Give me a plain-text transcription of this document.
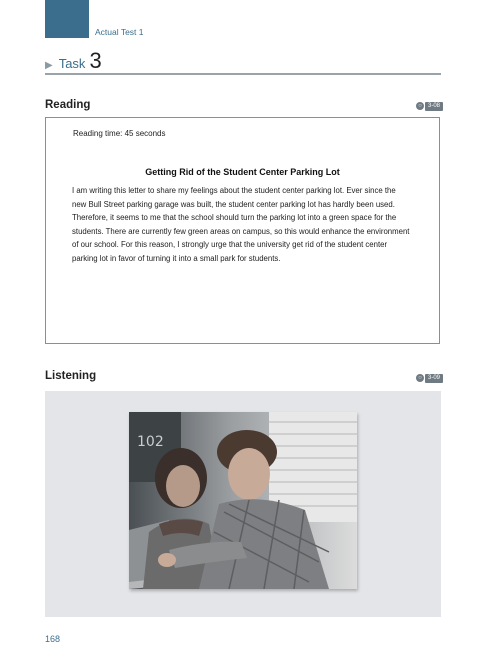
Actual Test 1
▶ Task 3
Reading	○	3-08
Reading time: 45 seconds
Getting Rid of the Student Center Parking Lot

I am writing this letter to share my feelings about the student center parking lot. Ever since the new Bull Street parking garage was built, the student center parking lot has hardly been used. Therefore, it seems to me that the school should turn the parking lot into a green space for the students. There are currently few green areas on campus, so this would enhance the environment of our school. For this reason, I strongly urge that the university get rid of the student center parking lot in favor of turning it into a small park for students.

Listening	○	3-09
102
168
